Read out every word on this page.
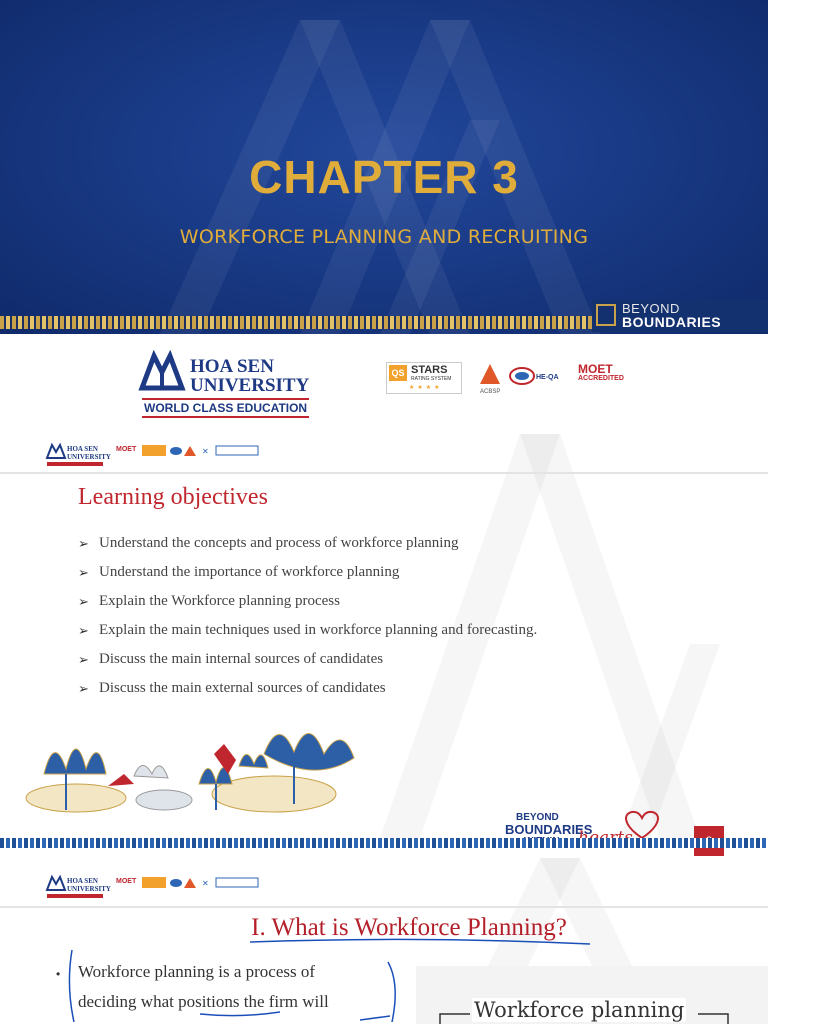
CHAPTER 3
WORKFORCE PLANNING AND RECRUITING
BEYOND
BOUNDARIES
HOA SEN
UNIVERSITY
WORLD CLASS EDUCATION
QS STARS
RATING SYSTEM
★★★★
ACBSP
HE-QA
MOET
ACCREDITED
HOA SEN
UNIVERSITY
MOET	✕
Learning objectives
➢ Understand the concepts and process of workforce planning
➢ Understand the importance of workforce planning
➢ Explain the Workforce planning process
➢ Explain the main techniques used in workforce planning and forecasting.
➢ Discuss the main internal sources of candidates
➢ Discuss the main external sources of candidates
BEYOND
BOUNDARIES
HOA SEN
UNIVERSITY
MOET	✕
I. What is Workforce Planning?
• Workforce planning is a process of
deciding what positions the firm will	Workforce planning
